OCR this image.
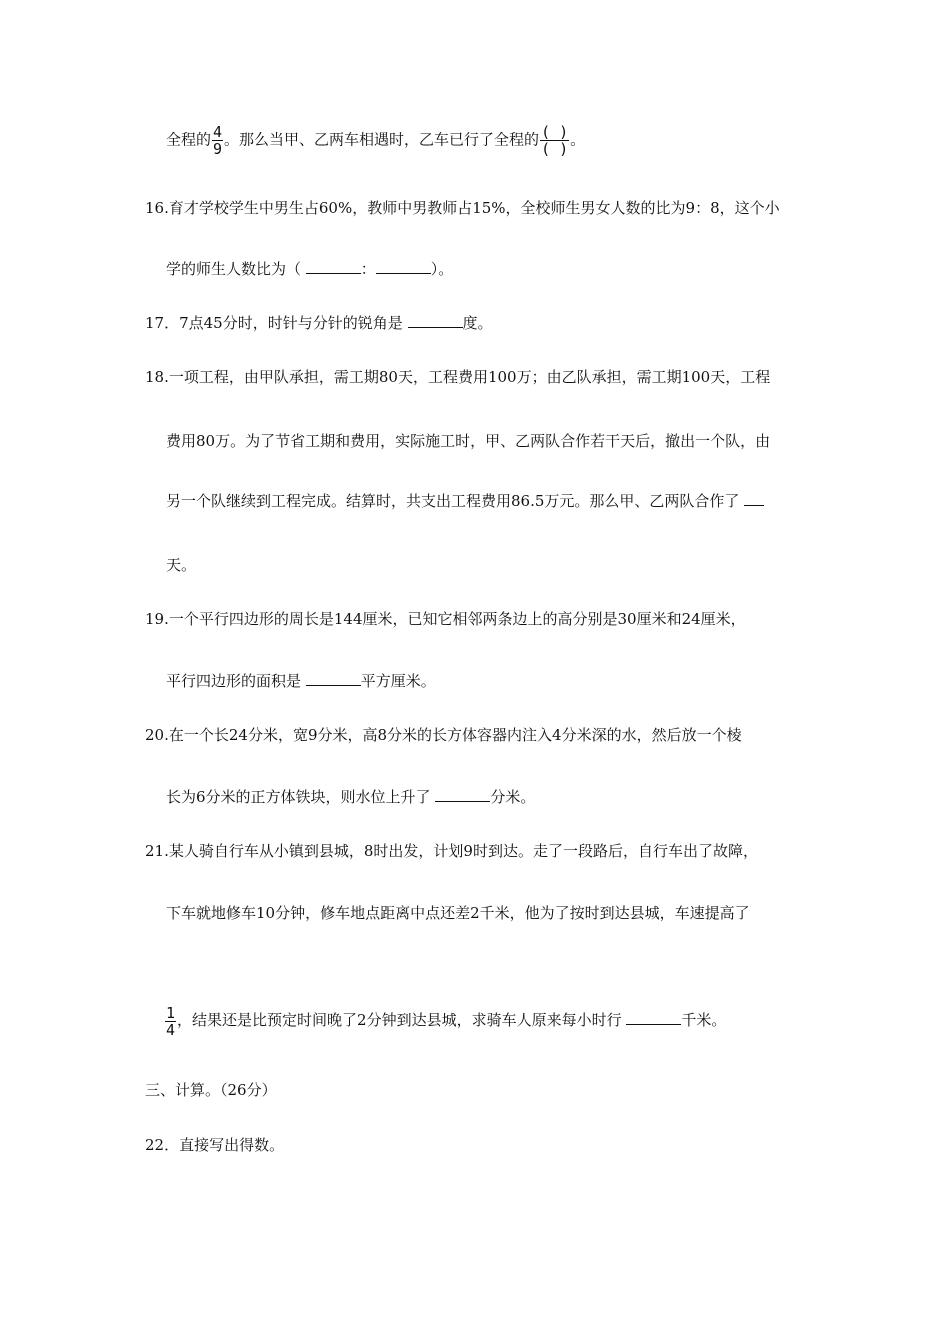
全程的 $\frac{4}{9}$ 。那么当甲、乙两车相遇时，乙车已行了全程的 $\frac{( )}{( )}$ 。
16.育才学校学生中男生占60%，教师中男教师占15%，全校师生男女人数的比为9：8，这个小
学的师生人数比为（	：	）。
17．7点45分时，时针与分针的锐角是	度。
18.一项工程，由甲队承担，需工期80天，工程费用100万；由乙队承担，需工期100天，工程
费用80万。为了节省工期和费用，实际施工时，甲、乙两队合作若干天后，撤出一个队，由
另一个队继续到工程完成。结算时，共支出工程费用86.5万元。那么甲、乙两队合作了
天。
19.一个平行四边形的周长是144厘米，已知它相邻两条边上的高分别是30厘米和24厘米，
平行四边形的面积是	平方厘米。
20.在一个长24分米，宽9分米，高8分米的长方体容器内注入4分米深的水，然后放一个棱
长为6分米的正方体铁块，则水位上升了	分米。
21.某人骑自行车从小镇到县城，8时出发，计划9时到达。走了一段路后，自行车出了故障，
下车就地修车10分钟，修车地点距离中点还差2千米，他为了按时到达县城，车速提高了
$\frac{1}{4}$ ，结果还是比预定时间晚了2分钟到达县城，求骑车人原来每小时行	千米。
三、计算。（26分）
22．直接写出得数。
